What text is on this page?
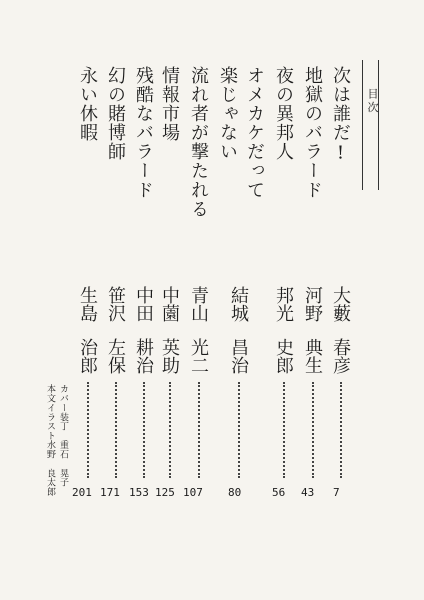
目次
次は誰だ!
地獄のバラード
夜の異邦人
オメカケだって
楽じゃない
流れ者が撃たれる
情報市場
残酷なバラード
幻の賭博師
永い休暇
大藪
河野
邦光
結城
青山
中薗
中田
笹沢
生島
春彦
典生
史郎
昌治
光二
英助
耕治
左保
治郎
7
43
56
80
107
125
153
171
201
カバー装丁
本文イラスト
重石　晃子
水野　良太郎
